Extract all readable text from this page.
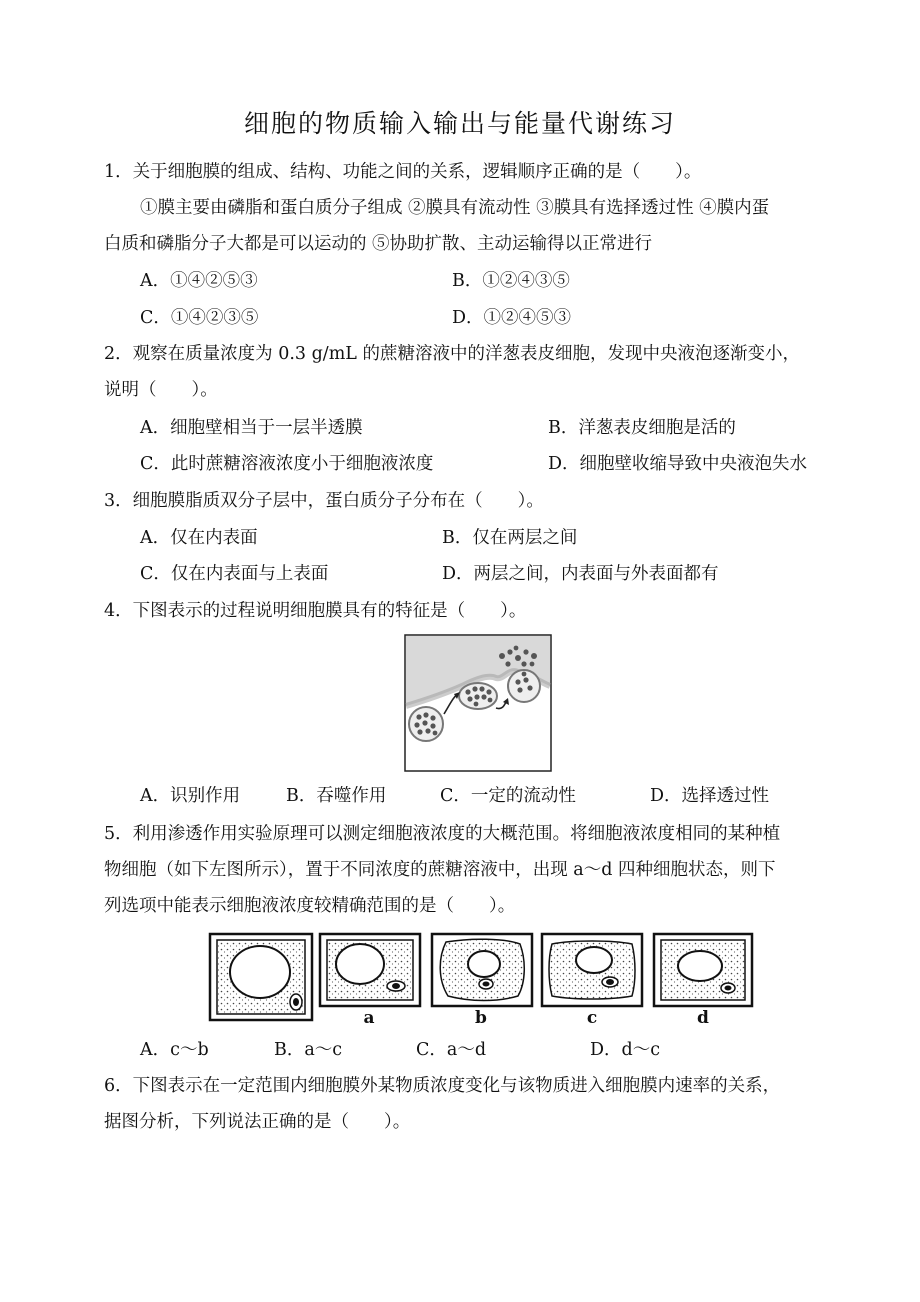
细胞的物质输入输出与能量代谢练习
1．关于细胞膜的组成、结构、功能之间的关系，逻辑顺序正确的是（　　）。
①膜主要由磷脂和蛋白质分子组成 ②膜具有流动性 ③膜具有选择透过性 ④膜内蛋
白质和磷脂分子大都是可以运动的 ⑤协助扩散、主动运输得以正常进行
A．①④②⑤③	B．①②④③⑤
C．①④②③⑤	D．①②④⑤③
2．观察在质量浓度为 0.3 g/mL 的蔗糖溶液中的洋葱表皮细胞，发现中央液泡逐渐变小，
说明（　　）。
A．细胞壁相当于一层半透膜	B．洋葱表皮细胞是活的
C．此时蔗糖溶液浓度小于细胞液浓度	D．细胞壁收缩导致中央液泡失水
3．细胞膜脂质双分子层中，蛋白质分子分布在（　　）。
A．仅在内表面	B．仅在两层之间
C．仅在内表面与上表面	D．两层之间，内表面与外表面都有
4．下图表示的过程说明细胞膜具有的特征是（　　）。
A．识别作用	B．吞噬作用	C．一定的流动性	D．选择透过性
5．利用渗透作用实验原理可以测定细胞液浓度的大概范围。将细胞液浓度相同的某种植
物细胞（如下左图所示），置于不同浓度的蔗糖溶液中，出现 a～d 四种细胞状态，则下
列选项中能表示细胞液浓度较精确范围的是（　　）。
a	b	c	d
A．c～b	B．a～c	C．a～d	D．d～c
6．下图表示在一定范围内细胞膜外某物质浓度变化与该物质进入细胞膜内速率的关系，
据图分析，下列说法正确的是（　　）。
